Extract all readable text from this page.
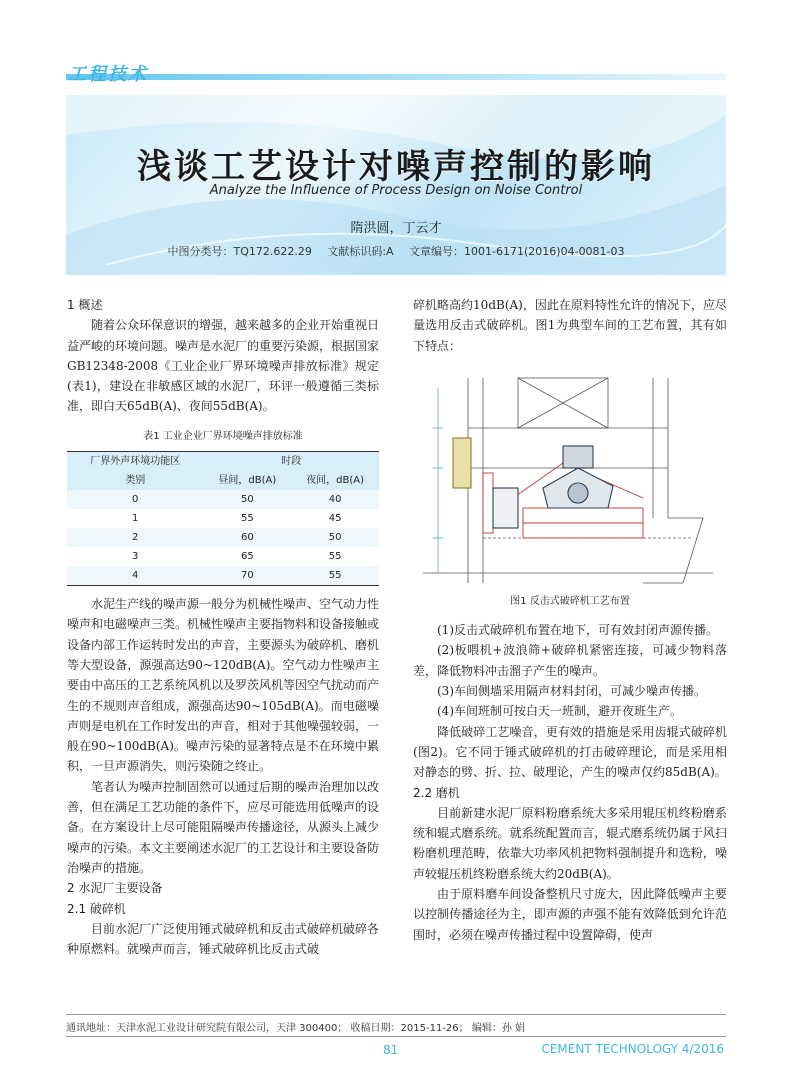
工程技术
浅谈工艺设计对噪声控制的影响
Analyze the Influence of Process Design on Noise Control
隋洪圆，丁云才
中图分类号：TQ172.622.29 文献标识码:A 文章编号：1001-6171(2016)04-0081-03
1 概述

随着公众环保意识的增强，越来越多的企业开始重视日益严峻的环境问题。噪声是水泥厂的重要污染源，根据国家GB12348-2008《工业企业厂界环境噪声排放标准》规定(表1)，建设在非敏感区域的水泥厂，环评一般遵循三类标准，即白天65dB(A)、夜间55dB(A)。

表1 工业企业厂界环境噪声排放标准
厂界外声环境功能区	时段	
类别	昼间，dB(A)	夜间，dB(A)
0	50	40
1	55	45
2	60	50
3	65	55
4	70	55

水泥生产线的噪声源一般分为机械性噪声、空气动力性噪声和电磁噪声三类。机械性噪声主要指物料和设备接触或设备内部工作运转时发出的声音，主要源头为破碎机、磨机等大型设备，源强高达90~120dB(A)。空气动力性噪声主要由中高压的工艺系统风机以及罗茨风机等因空气扰动而产生的不规则声音组成，源强高达90~105dB(A)。而电磁噪声则是电机在工作时发出的声音，相对于其他噪强较弱，一般在90~100dB(A)。噪声污染的显著特点是不在环境中累积，一旦声源消失，则污染随之终止。

笔者认为噪声控制固然可以通过后期的噪声治理加以改善，但在满足工艺功能的条件下，应尽可能选用低噪声的设备。在方案设计上尽可能阻隔噪声传播途径，从源头上减少噪声的污染。本文主要阐述水泥厂的工艺设计和主要设备防治噪声的措施。

2 水泥厂主要设备
2.1 破碎机

目前水泥厂广泛使用锤式破碎机和反击式破碎机破碎各种原燃料。就噪声而言，锤式破碎机比反击式破

碎机略高约10dB(A)，因此在原料特性允许的情况下，应尽量选用反击式破碎机。图1为典型车间的工艺布置，其有如下特点：

图1 反击式破碎机工艺布置

(1)反击式破碎机布置在地下，可有效封闭声源传播。

(2)板喂机+波浪筛+破碎机紧密连接，可减少物料落差，降低物料冲击溜子产生的噪声。

(3)车间侧墙采用隔声材料封闭，可减少噪声传播。

(4)车间班制可按白天一班制，避开夜班生产。

降低破碎工艺噪音，更有效的措施是采用齿辊式破碎机(图2)。它不同于锤式破碎机的打击破碎理论，而是采用相对静态的劈、折、拉、破理论，产生的噪声仅约85dB(A)。

2.2 磨机

目前新建水泥厂原料粉磨系统大多采用辊压机终粉磨系统和辊式磨系统。就系统配置而言，辊式磨系统仍属于风扫粉磨机理范畴，依靠大功率风机把物料强制提升和选粉，噪声较辊压机终粉磨系统大约20dB(A)。

由于原料磨车间设备整机尺寸庞大，因此降低噪声主要以控制传播途径为主，即声源的声强不能有效降低到允许范围时，必须在噪声传播过程中设置障碍，使声

通讯地址：天津水泥工业设计研究院有限公司，天津 300400； 收稿日期：2015-11-26； 编辑：孙 娟
81	CEMENT TECHNOLOGY 4/2016
